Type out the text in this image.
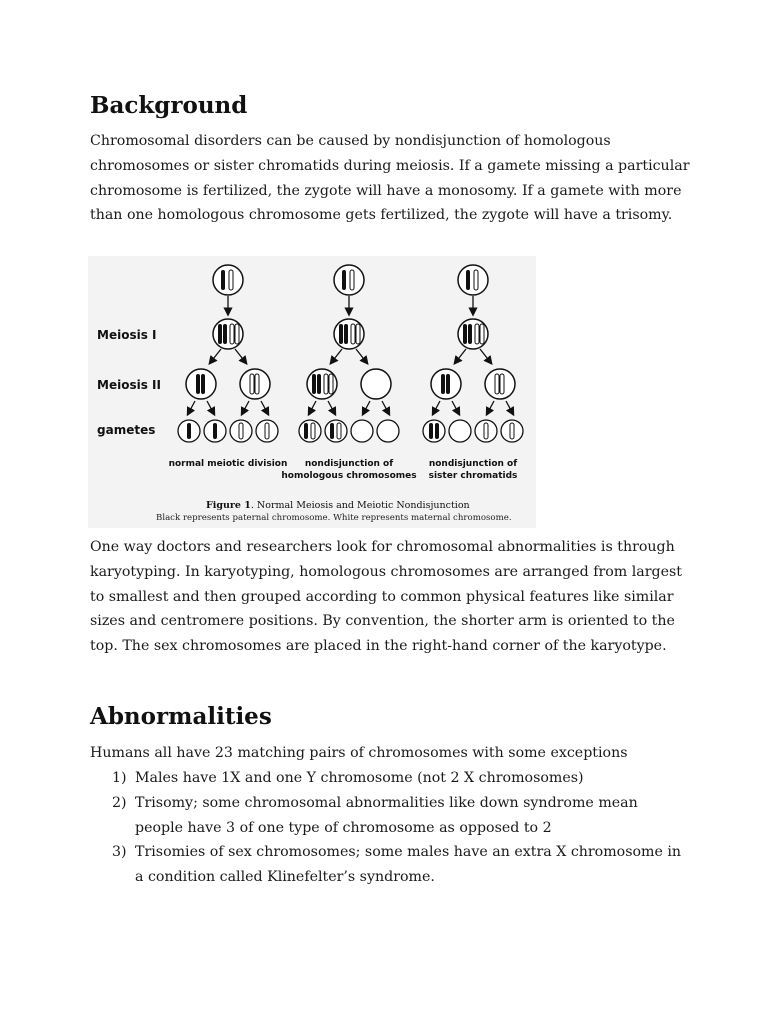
Background

Chromosomal disorders can be caused by nondisjunction of homologous chromosomes or sister chromatids during meiosis. If a gamete missing a particular chromosome is fertilized, the zygote will have a monosomy. If a gamete with more than one homologous chromosome gets fertilized, the zygote will have a trisomy.

Meiosis I
Meiosis II
gametes
normal meiotic division nondisjunction of
homologous chromosomes
nondisjunction of
sister chromatids
Figure 1. Normal Meiosis and Meiotic Nondisjunction
Black represents paternal chromosome. White represents maternal chromosome.

One way doctors and researchers look for chromosomal abnormalities is through karyotyping. In karyotyping, homologous chromosomes are arranged from largest to smallest and then grouped according to common physical features like similar sizes and centromere positions. By convention, the shorter arm is oriented to the top. The sex chromosomes are placed in the right-hand corner of the karyotype.

Abnormalities

Humans all have 23 matching pairs of chromosomes with some exceptions

1) Males have 1X and one Y chromosome (not 2 X chromosomes)
2) Trisomy; some chromosomal abnormalities like down syndrome mean people have 3 of one type of chromosome as opposed to 2
3) Trisomies of sex chromosomes; some males have an extra X chromosome in a condition called Klinefelter’s syndrome.
